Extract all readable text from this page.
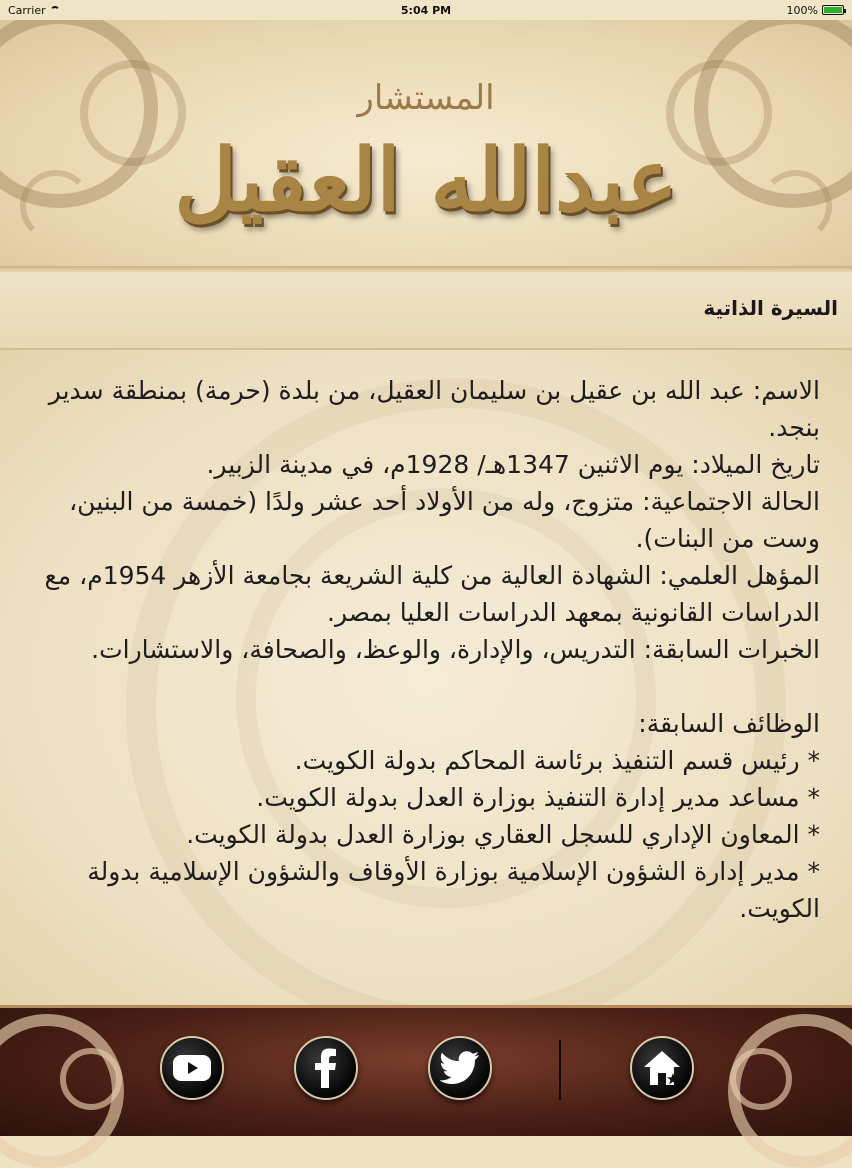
Carrier	5:04 PM	100%
المستشار
عبدالله العقيل
السيرة الذاتية

الاسم: عبد الله بن عقيل بن سليمان العقيل، من بلدة (حرمة) بمنطقة سدير بنجد.

تاريخ الميلاد: يوم الاثنين 1347هـ/ 1928م، في مدينة الزبير.

الحالة الاجتماعية: متزوج، وله من الأولاد أحد عشر ولدًا (خمسة من البنين، وست من البنات).

المؤهل العلمي: الشهادة العالية من كلية الشريعة بجامعة الأزهر 1954م، مع الدراسات القانونية بمعهد الدراسات العليا بمصر.

الخبرات السابقة: التدريس، والإدارة، والوعظ، والصحافة، والاستشارات.

الوظائف السابقة:

* رئيس قسم التنفيذ برئاسة المحاكم بدولة الكويت.

* مساعد مدير إدارة التنفيذ بوزارة العدل بدولة الكويت.

* المعاون الإداري للسجل العقاري بوزارة العدل بدولة الكويت.

* مدير إدارة الشؤون الإسلامية بوزارة الأوقاف والشؤون الإسلامية بدولة الكويت.
